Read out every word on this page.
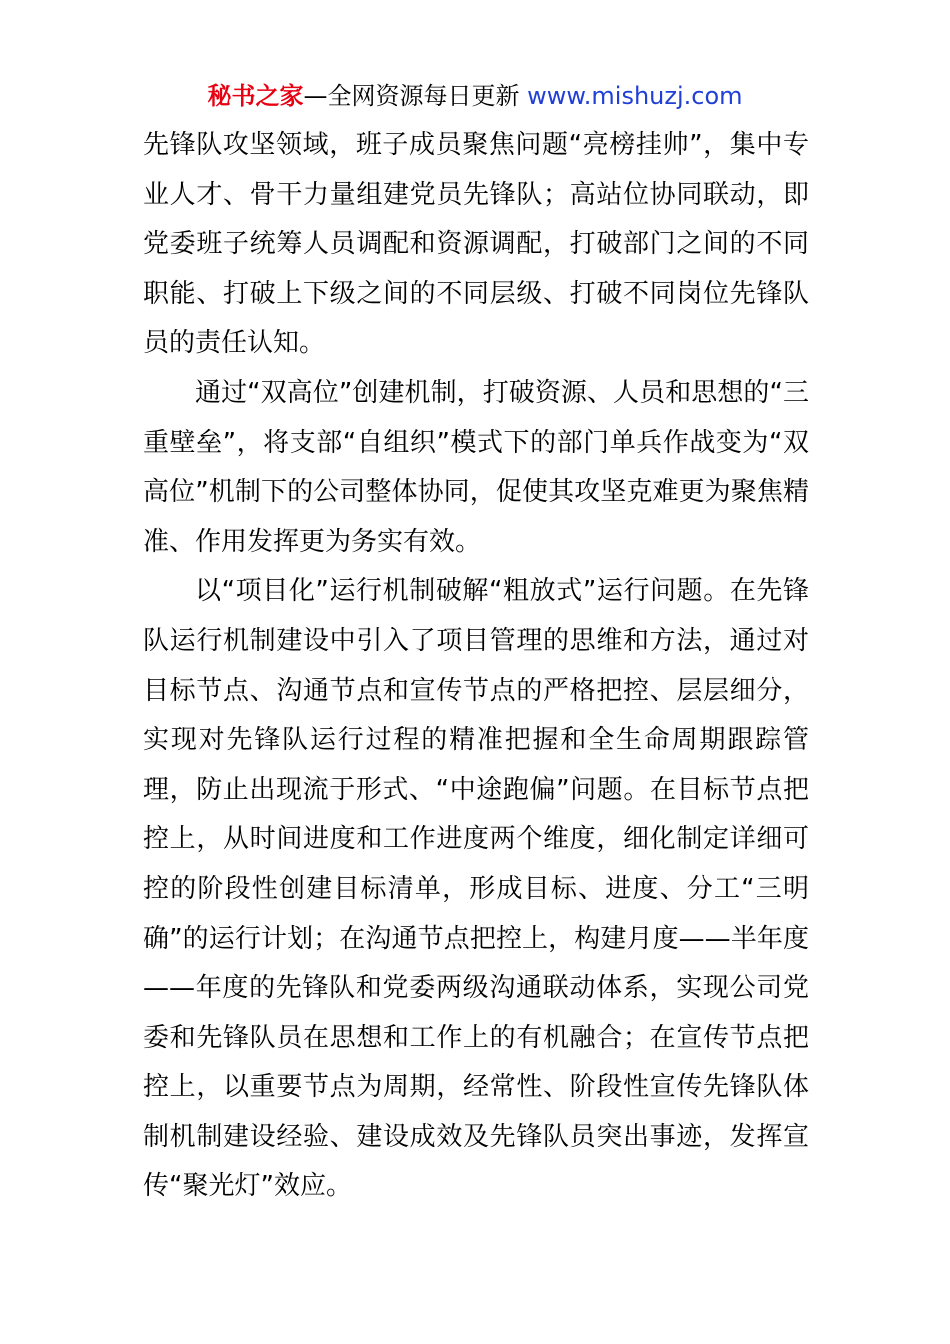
秘书之家—全网资源每日更新 www.mishuzj.com

先锋队攻坚领域，班子成员聚焦问题“亮榜挂帅”，集中专业人才、骨干力量组建党员先锋队；高站位协同联动，即党委班子统筹人员调配和资源调配，打破部门之间的不同职能、打破上下级之间的不同层级、打破不同岗位先锋队员的责任认知。

通过“双高位”创建机制，打破资源、人员和思想的“三重壁垒”，将支部“自组织”模式下的部门单兵作战变为“双高位”机制下的公司整体协同，促使其攻坚克难更为聚焦精准、作用发挥更为务实有效。

以“项目化”运行机制破解“粗放式”运行问题。在先锋队运行机制建设中引入了项目管理的思维和方法，通过对目标节点、沟通节点和宣传节点的严格把控、层层细分，实现对先锋队运行过程的精准把握和全生命周期跟踪管理，防止出现流于形式、“中途跑偏”问题。在目标节点把控上，从时间进度和工作进度两个维度，细化制定详细可控的阶段性创建目标清单，形成目标、进度、分工“三明确”的运行计划；在沟通节点把控上，构建月度——半年度——年度的先锋队和党委两级沟通联动体系，实现公司党委和先锋队员在思想和工作上的有机融合；在宣传节点把控上，以重要节点为周期，经常性、阶段性宣传先锋队体制机制建设经验、建设成效及先锋队员突出事迹，发挥宣传“聚光灯”效应。
